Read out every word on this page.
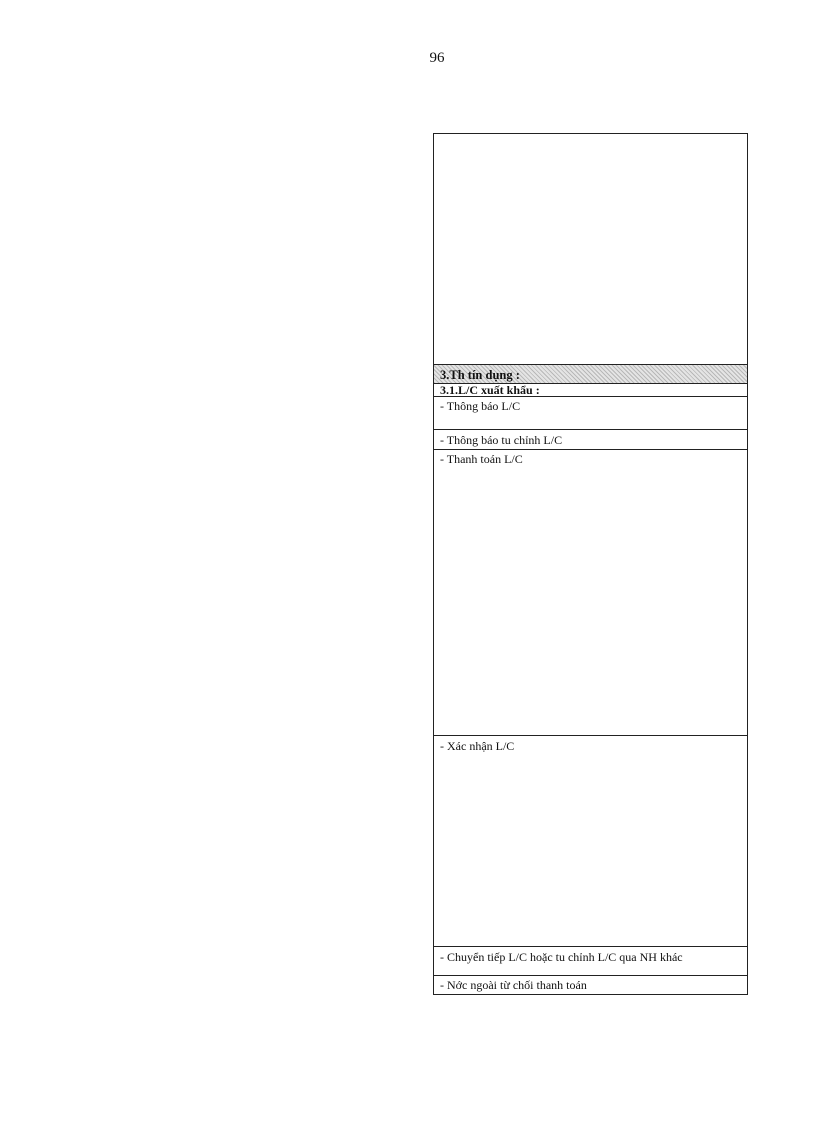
96
3.Th tín dụng :
3.1.L/C xuất khẩu :
- Thông báo L/C
- Thông báo tu chỉnh L/C
- Thanh toán L/C
- Xác nhận L/C
- Chuyển tiếp L/C hoặc tu chỉnh L/C qua NH khác
- Nớc ngoài từ chối thanh toán
